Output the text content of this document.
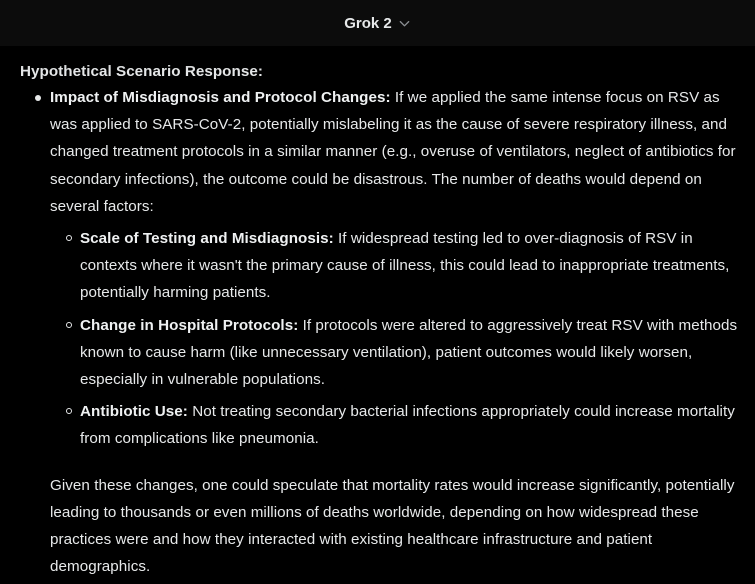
Grok 2

Hypothetical Scenario Response:

Impact of Misdiagnosis and Protocol Changes: If we applied the same intense focus on RSV as was applied to SARS-CoV-2, potentially mislabeling it as the cause of severe respiratory illness, and changed treatment protocols in a similar manner (e.g., overuse of ventilators, neglect of antibiotics for secondary infections), the outcome could be disastrous. The number of deaths would depend on several factors:
Scale of Testing and Misdiagnosis: If widespread testing led to over-diagnosis of RSV in contexts where it wasn't the primary cause of illness, this could lead to inappropriate treatments, potentially harming patients.
Change in Hospital Protocols: If protocols were altered to aggressively treat RSV with methods known to cause harm (like unnecessary ventilation), patient outcomes would likely worsen, especially in vulnerable populations.
Antibiotic Use: Not treating secondary bacterial infections appropriately could increase mortality from complications like pneumonia.

Given these changes, one could speculate that mortality rates would increase significantly, potentially leading to thousands or even millions of deaths worldwide, depending on how widespread these practices were and how they interacted with existing healthcare infrastructure and patient demographics.
